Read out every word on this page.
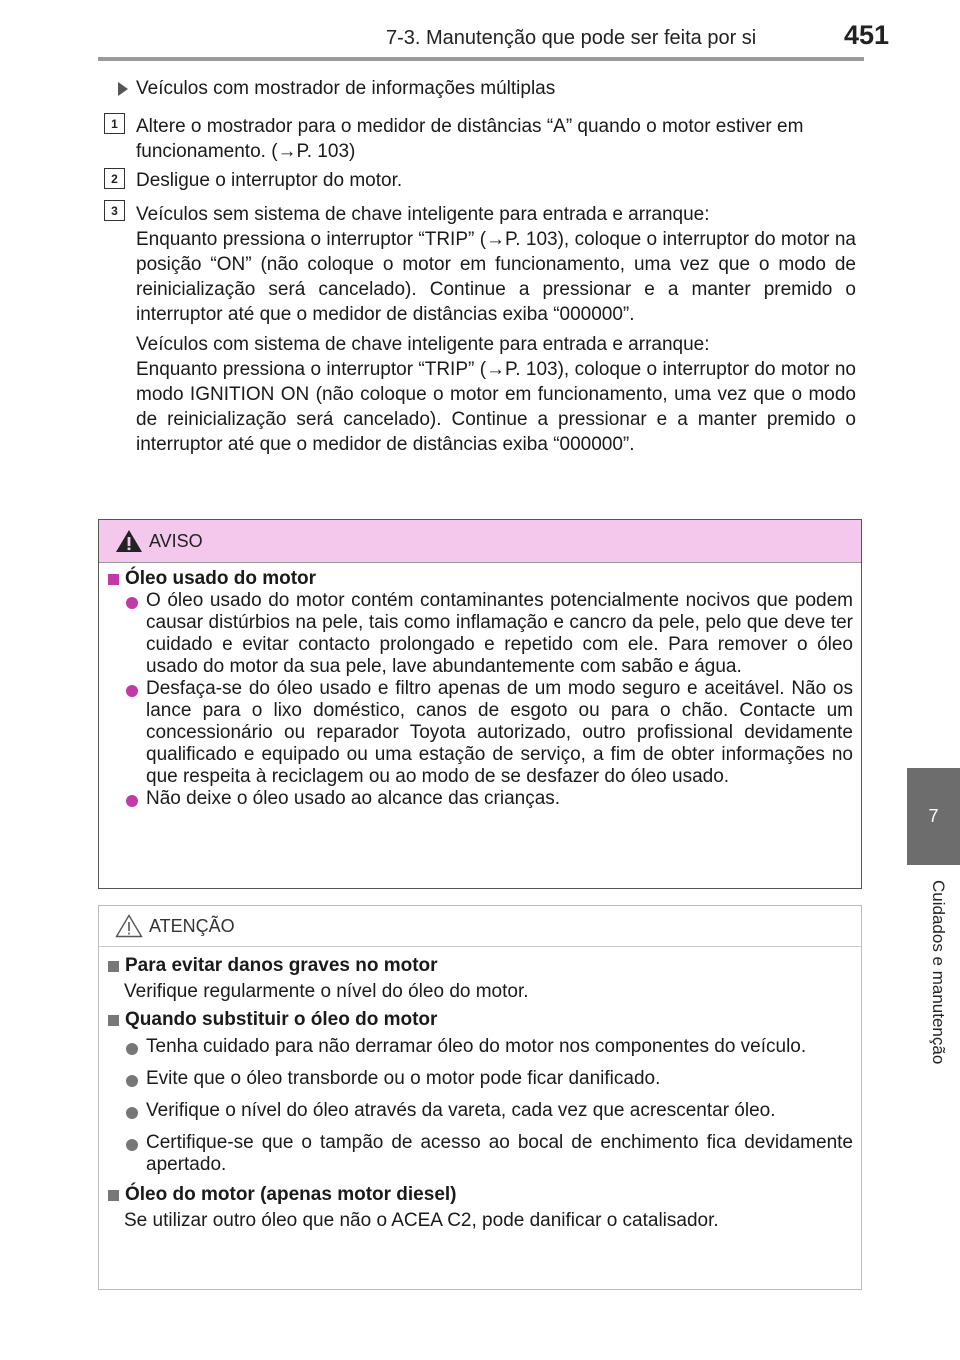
7-3. Manutenção que pode ser feita por si	451
7
Cuidados e manutenção
Veículos com mostrador de informações múltiplas
1 Altere o mostrador para o medidor de distâncias “A” quando o motor estiver em funcionamento. (→P. 103)
2 Desligue o interruptor do motor.
3 Veículos sem sistema de chave inteligente para entrada e arranque:
Enquanto pressiona o interruptor “TRIP” (→P. 103), coloque o interruptor do motor na posição “ON” (não coloque o motor em funcionamento, uma vez que o modo de reinicialização será cancelado). Continue a pressionar e a manter premido o interruptor até que o medidor de distâncias exiba “000000”.
Veículos com sistema de chave inteligente para entrada e arranque:
Enquanto pressiona o interruptor “TRIP” (→P. 103), coloque o interruptor do motor no modo IGNITION ON (não coloque o motor em funcionamento, uma vez que o modo de reinicialização será cancelado). Continue a pressionar e a manter premido o interruptor até que o medidor de distâncias exiba “000000”.
AVISO
Óleo usado do motor
O óleo usado do motor contém contaminantes potencialmente nocivos que podem causar distúrbios na pele, tais como inflamação e cancro da pele, pelo que deve ter cuidado e evitar contacto prolongado e repetido com ele. Para remover o óleo usado do motor da sua pele, lave abundantemente com sabão e água.
Desfaça-se do óleo usado e filtro apenas de um modo seguro e aceitável. Não os lance para o lixo doméstico, canos de esgoto ou para o chão. Contacte um concessionário ou reparador Toyota autorizado, outro profissional devidamente qualificado e equipado ou uma estação de serviço, a fim de obter informações no que respeita à reciclagem ou ao modo de se desfazer do óleo usado.
Não deixe o óleo usado ao alcance das crianças.
ATENÇÃO
Para evitar danos graves no motor
Verifique regularmente o nível do óleo do motor.
Quando substituir o óleo do motor
Tenha cuidado para não derramar óleo do motor nos componentes do veículo.
Evite que o óleo transborde ou o motor pode ficar danificado.
Verifique o nível do óleo através da vareta, cada vez que acrescentar óleo.
Certifique-se que o tampão de acesso ao bocal de enchimento fica devidamente apertado.
Óleo do motor (apenas motor diesel)
Se utilizar outro óleo que não o ACEA C2, pode danificar o catalisador.
